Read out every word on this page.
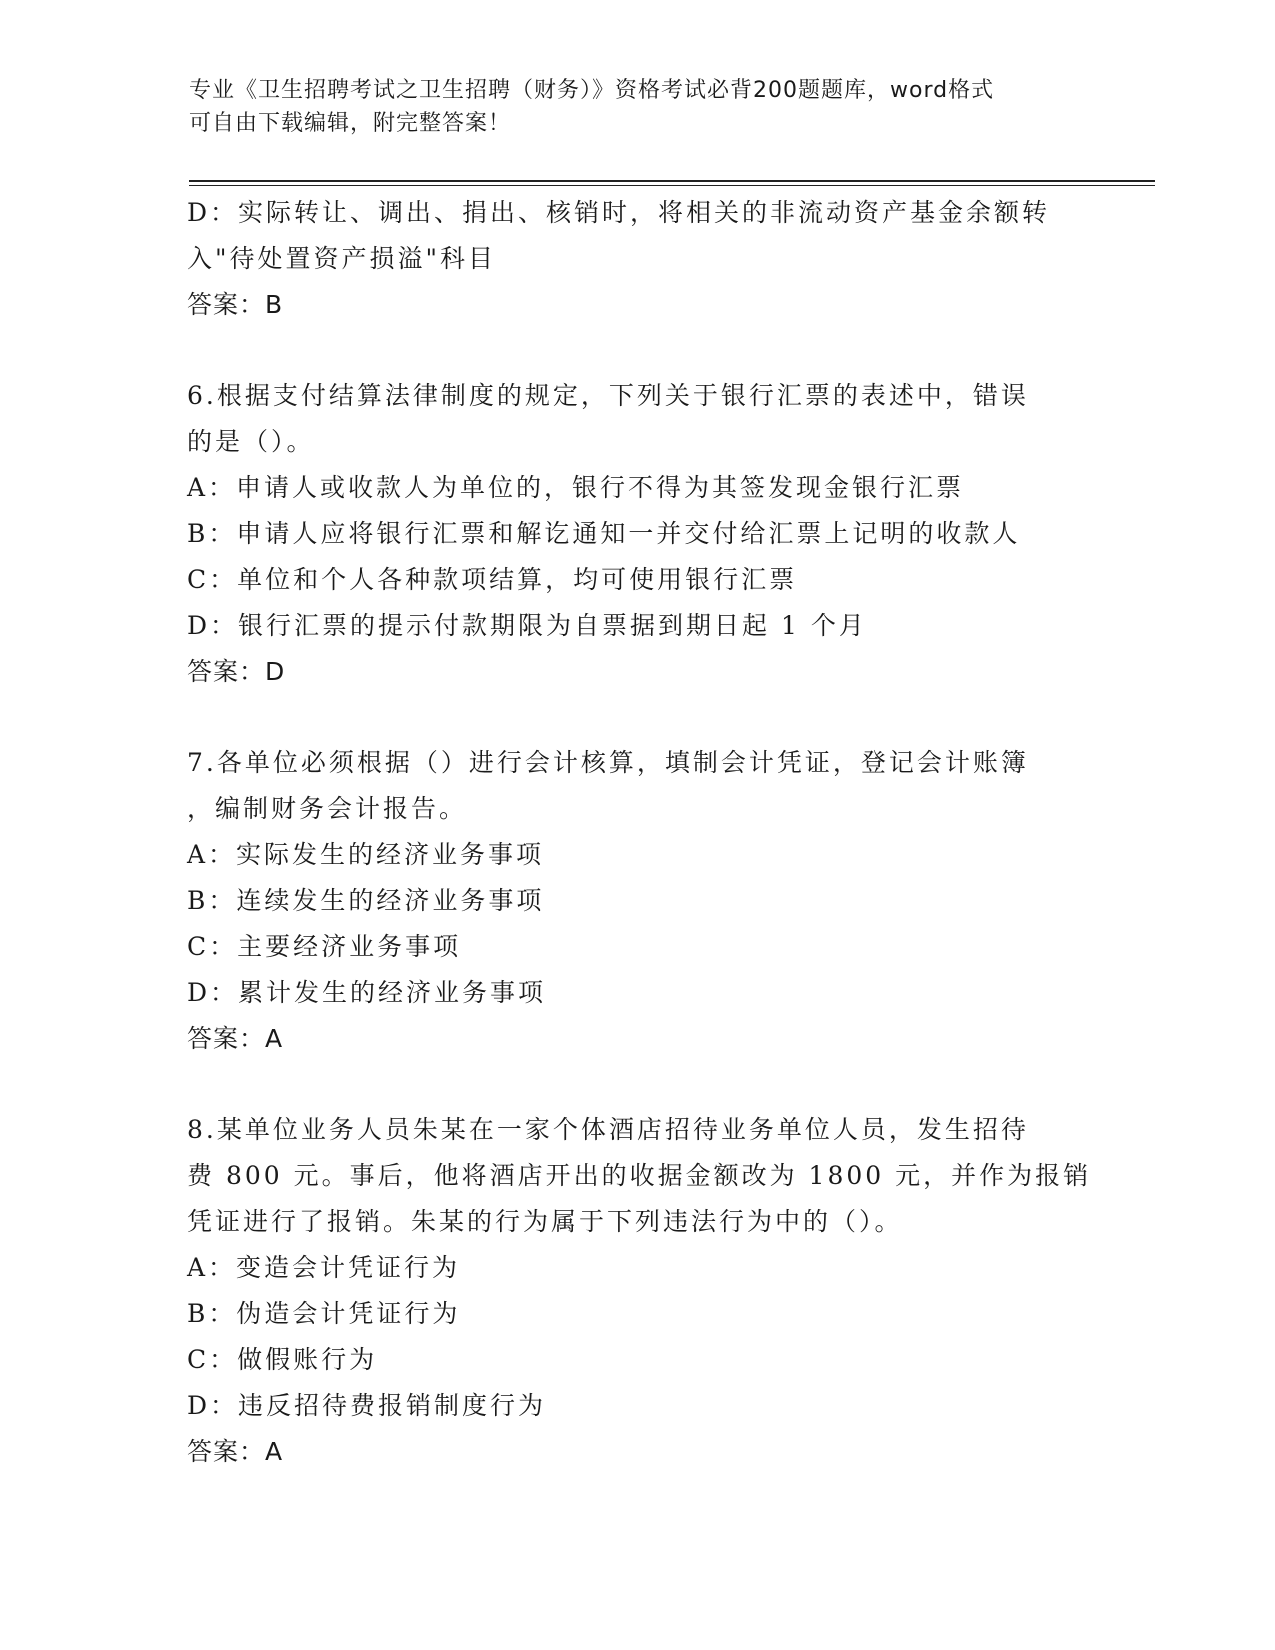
专业《卫生招聘考试之卫生招聘（财务）》资格考试必背200题题库，word格式
可自由下载编辑，附完整答案！
D：实际转让、调出、捐出、核销时，将相关的非流动资产基金余额转
入"待处置资产损溢"科目
答案：B
6.根据支付结算法律制度的规定，下列关于银行汇票的表述中，错误
的是（）。
A：申请人或收款人为单位的，银行不得为其签发现金银行汇票
B：申请人应将银行汇票和解讫通知一并交付给汇票上记明的收款人
C：单位和个人各种款项结算，均可使用银行汇票
D：银行汇票的提示付款期限为自票据到期日起 1 个月
答案：D
7.各单位必须根据（）进行会计核算，填制会计凭证，登记会计账簿
，编制财务会计报告。
A：实际发生的经济业务事项
B：连续发生的经济业务事项
C：主要经济业务事项
D：累计发生的经济业务事项
答案：A
8.某单位业务人员朱某在一家个体酒店招待业务单位人员，发生招待
费 800 元。事后，他将酒店开出的收据金额改为 1800 元，并作为报销
凭证进行了报销。朱某的行为属于下列违法行为中的（）。
A：变造会计凭证行为
B：伪造会计凭证行为
C：做假账行为
D：违反招待费报销制度行为
答案：A
